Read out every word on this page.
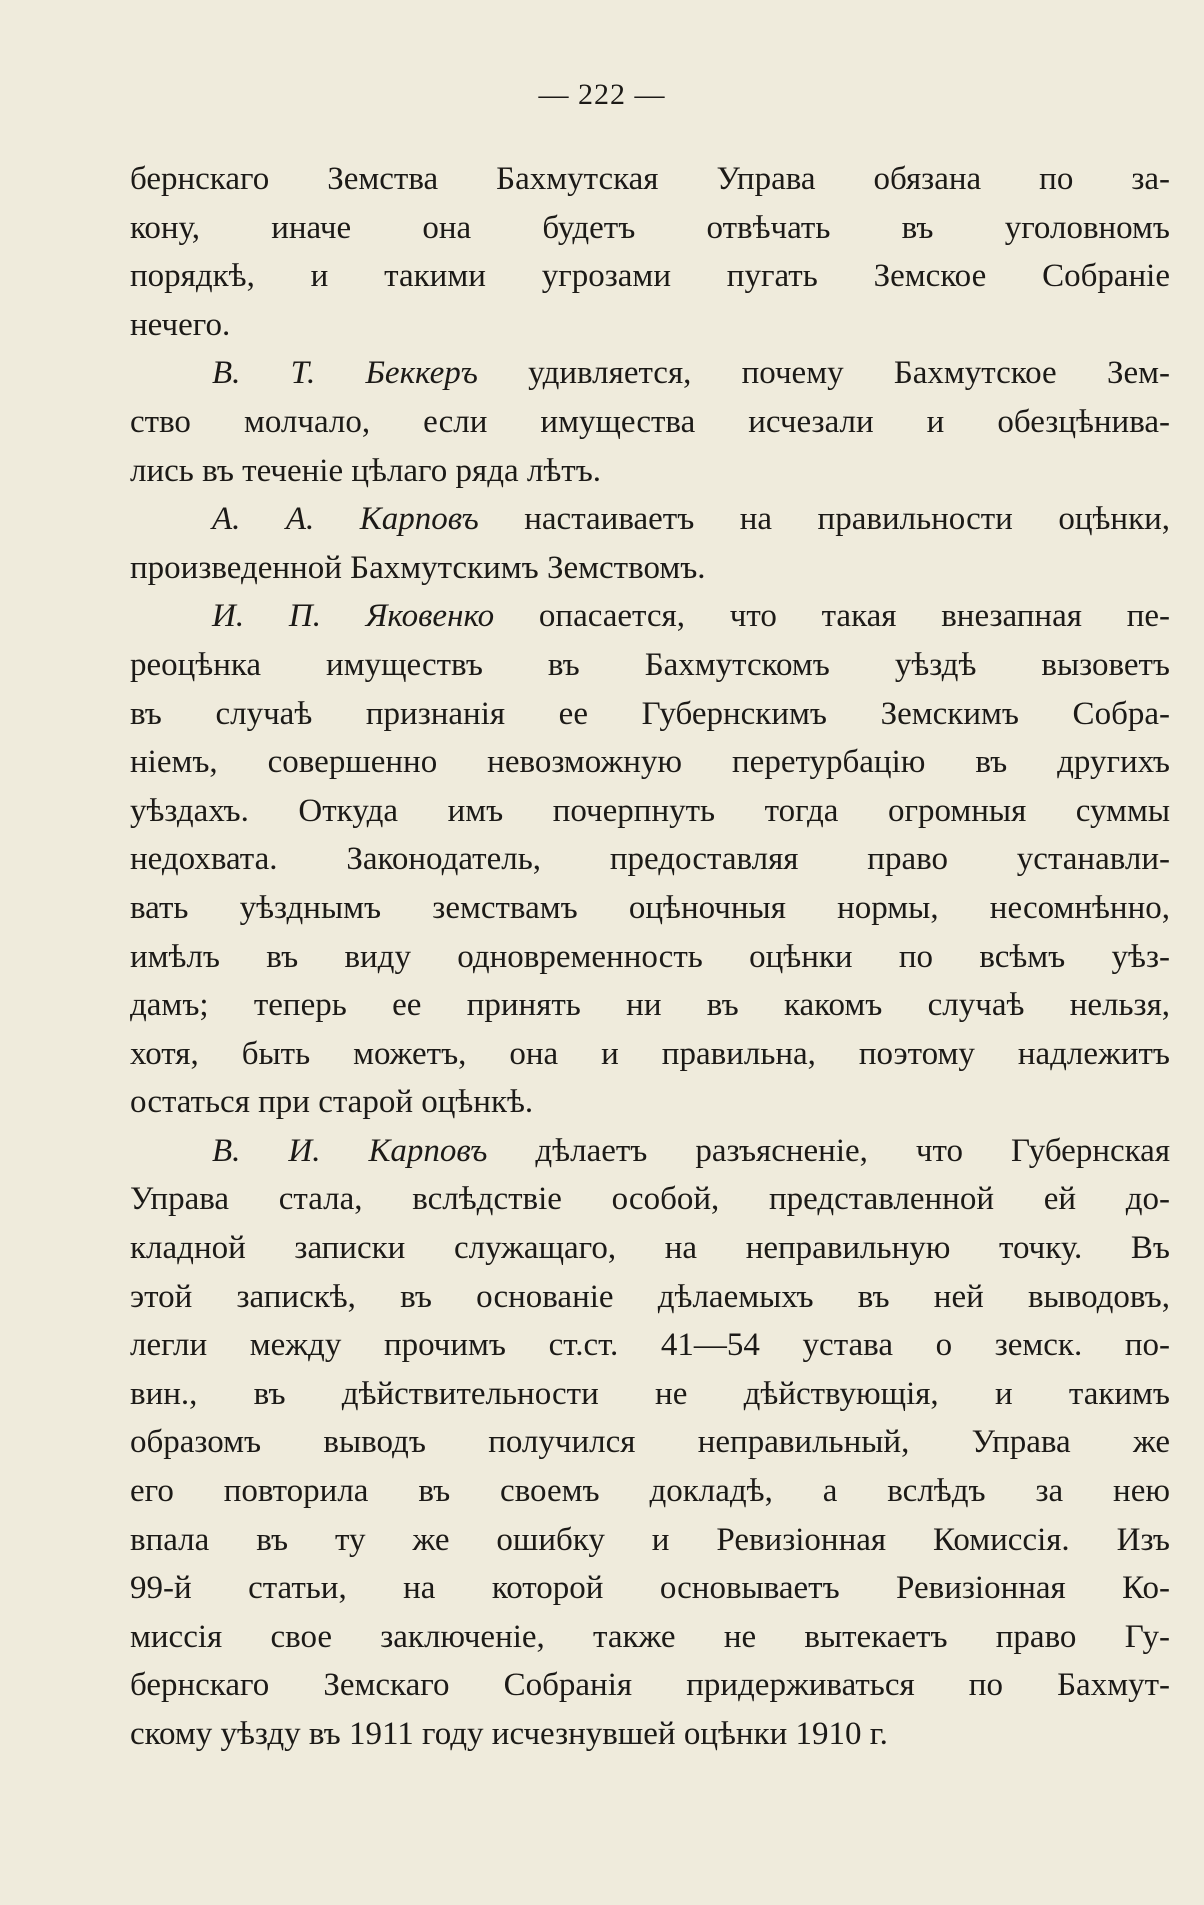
— 222 —
бернскаго Земства Бахмутская Управа обязана по за-
кону, иначе она будетъ отвѣчать въ уголовномъ
порядкѣ, и такими угрозами пугать Земское Собраніе
нечего.
В. Т. Беккеръ удивляется, почему Бахмутское Зем-
ство молчало, если имущества исчезали и обезцѣнива-
лись въ теченіе цѣлаго ряда лѣтъ.
А. А. Карповъ настаиваетъ на правильности оцѣнки,
произведенной Бахмутскимъ Земствомъ.
И. П. Яковенко опасается, что такая внезапная пе-
реоцѣнка имуществъ въ Бахмутскомъ уѣздѣ вызоветъ
въ случаѣ признанія ее Губернскимъ Земскимъ Собра-
ніемъ, совершенно невозможную перетурбацію въ другихъ
уѣздахъ. Откуда имъ почерпнуть тогда огромныя суммы
недохвата. Законодатель, предоставляя право устанавли-
вать уѣзднымъ земствамъ оцѣночныя нормы, несомнѣнно,
имѣлъ въ виду одновременность оцѣнки по всѣмъ уѣз-
дамъ; теперь ее принять ни въ какомъ случаѣ нельзя,
хотя, быть можетъ, она и правильна, поэтому надлежитъ
остаться при старой оцѣнкѣ.
В. И. Карповъ дѣлаетъ разъясненіе, что Губернская
Управа стала, вслѣдствіе особой, представленной ей до-
кладной записки служащаго, на неправильную точку. Въ
этой запискѣ, въ основаніе дѣлаемыхъ въ ней выводовъ,
легли между прочимъ ст.ст. 41—54 устава о земск. по-
вин., въ дѣйствительности не дѣйствующія, и такимъ
образомъ выводъ получился неправильный, Управа же
его повторила въ своемъ докладѣ, а вслѣдъ за нею
впала въ ту же ошибку и Ревизіонная Комиссія. Изъ
99-й статьи, на которой основываетъ Ревизіонная Ко-
миссія свое заключеніе, также не вытекаетъ право Гу-
бернскаго Земскаго Собранія придерживаться по Бахмут-
скому уѣзду въ 1911 году исчезнувшей оцѣнки 1910 г.
